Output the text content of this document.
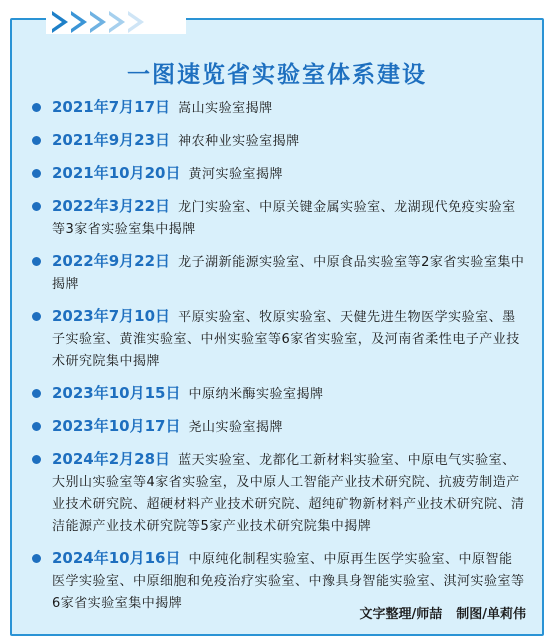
一图速览省实验室体系建设
2021年7月17日 嵩山实验室揭牌
2021年9月23日 神农种业实验室揭牌
2021年10月20日 黄河实验室揭牌
2022年3月22日 龙门实验室、中原关键金属实验室、龙湖现代免疫实验室等3家省实验室集中揭牌
2022年9月22日 龙子湖新能源实验室、中原食品实验室等2家省实验室集中揭牌
2023年7月10日 平原实验室、牧原实验室、天健先进生物医学实验室、墨子实验室、黄淮实验室、中州实验室等6家省实验室，及河南省柔性电子产业技术研究院集中揭牌
2023年10月15日 中原纳米酶实验室揭牌
2023年10月17日 尧山实验室揭牌
2024年2月28日 蓝天实验室、龙都化工新材料实验室、中原电气实验室、大别山实验室等4家省实验室，及中原人工智能产业技术研究院、抗疲劳制造产业技术研究院、超硬材料产业技术研究院、超纯矿物新材料产业技术研究院、清洁能源产业技术研究院等5家产业技术研究院集中揭牌
2024年10月16日 中原纯化制程实验室、中原再生医学实验室、中原智能医学实验室、中原细胞和免疫治疗实验室、中豫具身智能实验室、淇河实验室等6家省实验室集中揭牌
文字整理/师喆 制图/单莉伟
